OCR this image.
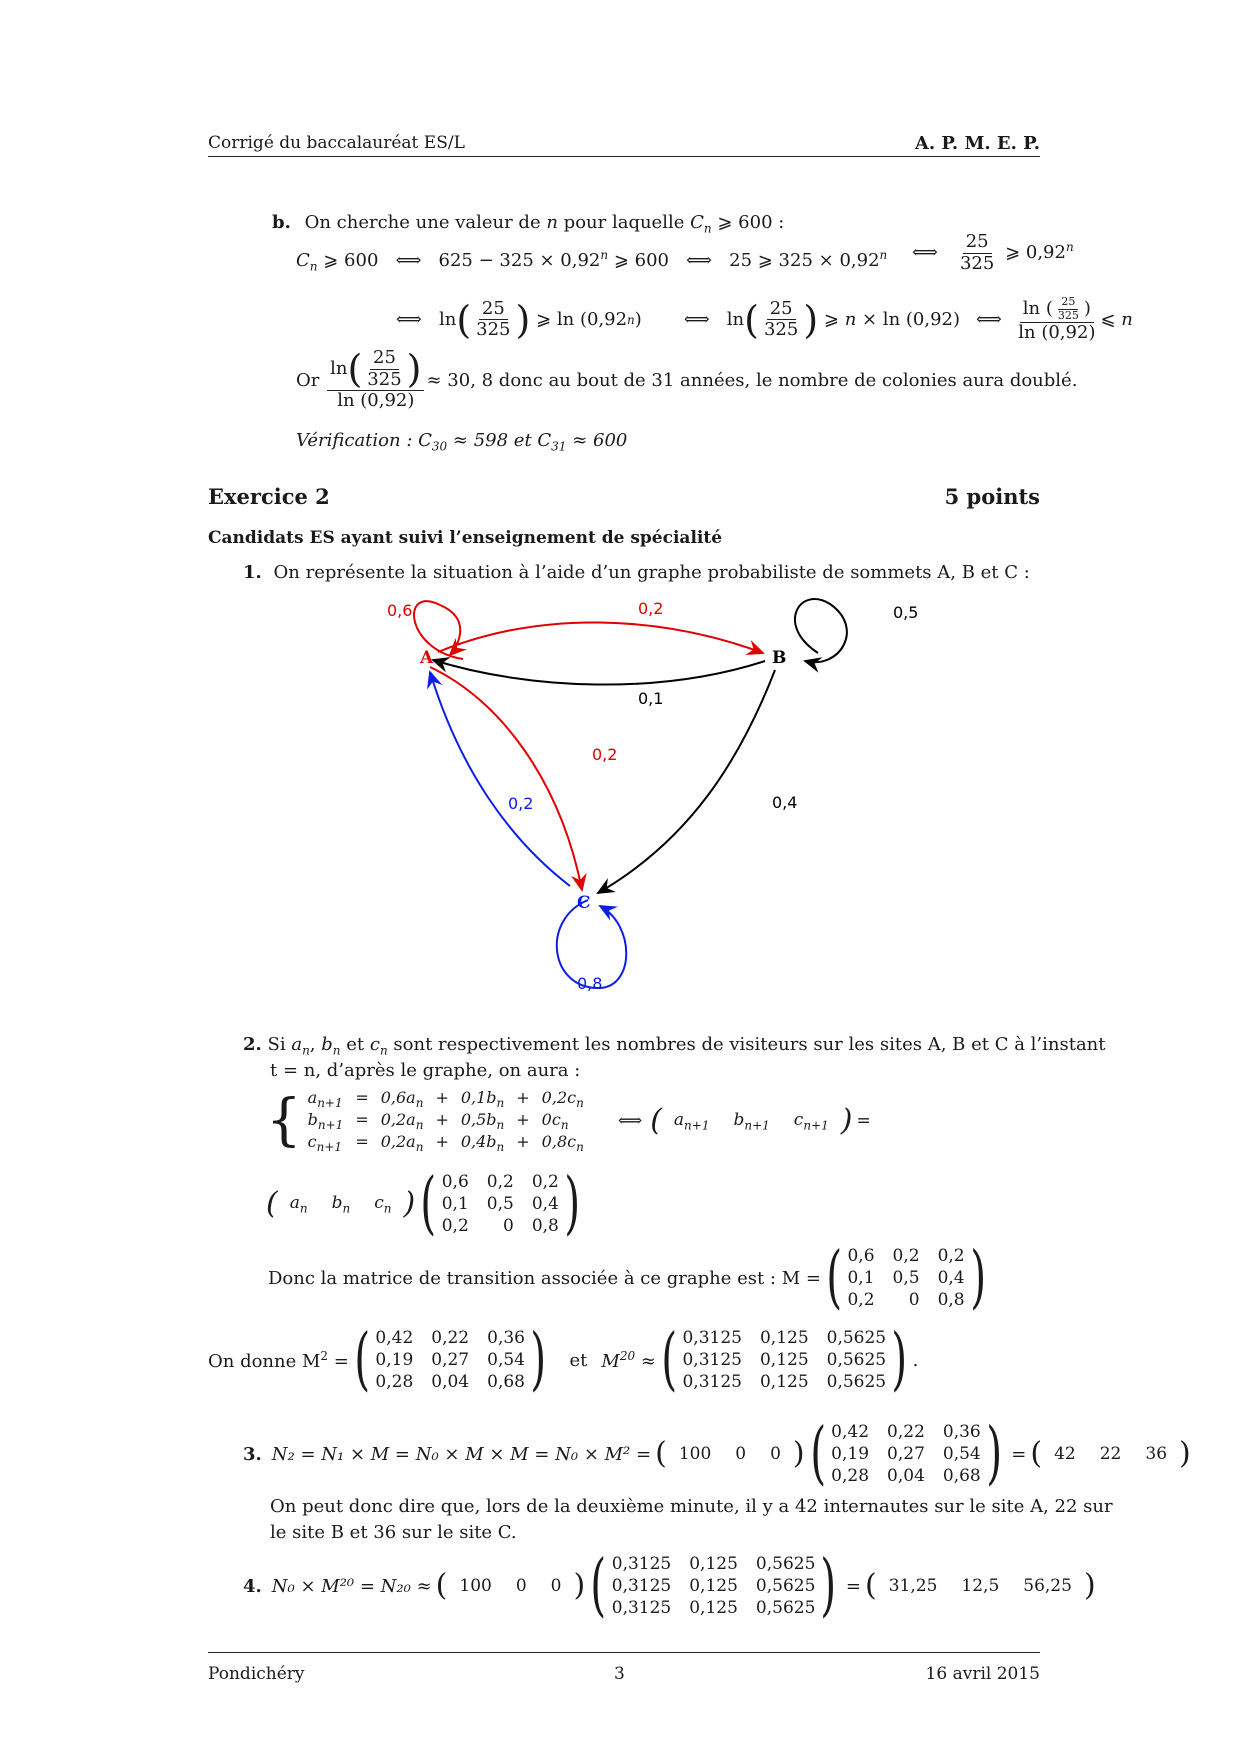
Corrigé du baccalauréat ES/L	A. P. M. E. P.
b. On cherche une valeur de n pour laquelle $C_n$ ⩾ 600 :
$C_n$ ⩾ 600   ⟺   $625 - 325 \times 0,92^n$ ⩾ 600   ⟺   25 ⩾ $325 \times 0,92^n$ ⟺ $\frac{25}{325}$ ⩾ 0,92$^n$
⟺   ln ( $\frac{25}{325}$ ) ⩾ ln (0,92 n ) ⟺   $\ln( \frac{25}{325}$ ) ⩾ n × ln (0,92) ⟺ $\frac{\ln ( \frac{25}{325} )}{\ln (0,92)}$ ⩽ n
Or
$\frac{\ln( \frac{25}{325} )}{\ln (0,92)} \approx 30$, 8 donc au bout de 31 années, le nombre de colonies aura doublé.
Vérification : $C_{30} \approx 598$ et $C_{31} \approx 600$
Exercice 2	5 points
Candidats ES ayant suivi l’enseignement de spécialité
1. On représente la situation à l’aide d’un graphe probabiliste de sommets A, B et C :
A	B
C
0,6	0,2	0,5
0,1
0,2
0,2	0,4
0,8
2. Si $a_n$, $b_n$ et $c_n$ sont respectivement les nombres de visiteurs sur les sites A, B et C à l’instant
t = n, d’après le graphe, on aura :
{ $a_{n+1} = 0,6a_n + 0,1b_n + 0,2c_n$
$b_{n+1} = 0,2a_n + 0,5b_n + 0c_n$
$c_{n+1} = 0,2a_n + 0,4b_n + 0,8c_n$
⟺ ( $a_{n+1}$ $b_{n+1}$ $c_{n+1}$ ) =
( $a_n$ $b_n$ $c_n$ ) ( 0,6 0,2 0,2
0,1 0,5 0,4
0,2	0 0,8 )
Donc la matrice de transition associée à ce graphe est : M = ( 0,6 0,2 0,2
0,1 0,5 0,4
0,2	0 0,8 )
On donne $M^2$ = ( 0,42 0,22 0,36
0,19 0,27 0,54
0,28 0,04 0,68 ) et $M^{20}$ ≈ ( 0,3125 0,125 0,5625
0,3125 0,125 0,5625
0,3125 0,125 0,5625 ) .
3. N₂ = N₁ × M = N₀ × M × M = N₀ × M² = ( 100 0 0 ) ( 0,42 0,22 0,36
0,19 0,27 0,54
0,28 0,04 0,68 ) = ( 42 22 36 )
On peut donc dire que, lors de la deuxième minute, il y a 42 internautes sur le site A, 22 sur
le site B et 36 sur le site C.
4. N₀ × M²⁰ = N₂₀ ≈ ( 100 0 0 ) ( 0,3125 0,125 0,5625
0,3125 0,125 0,5625
0,3125 0,125 0,5625 ) = ( 31,25 12,5 56,25 )
Pondichéry	3	16 avril 2015
